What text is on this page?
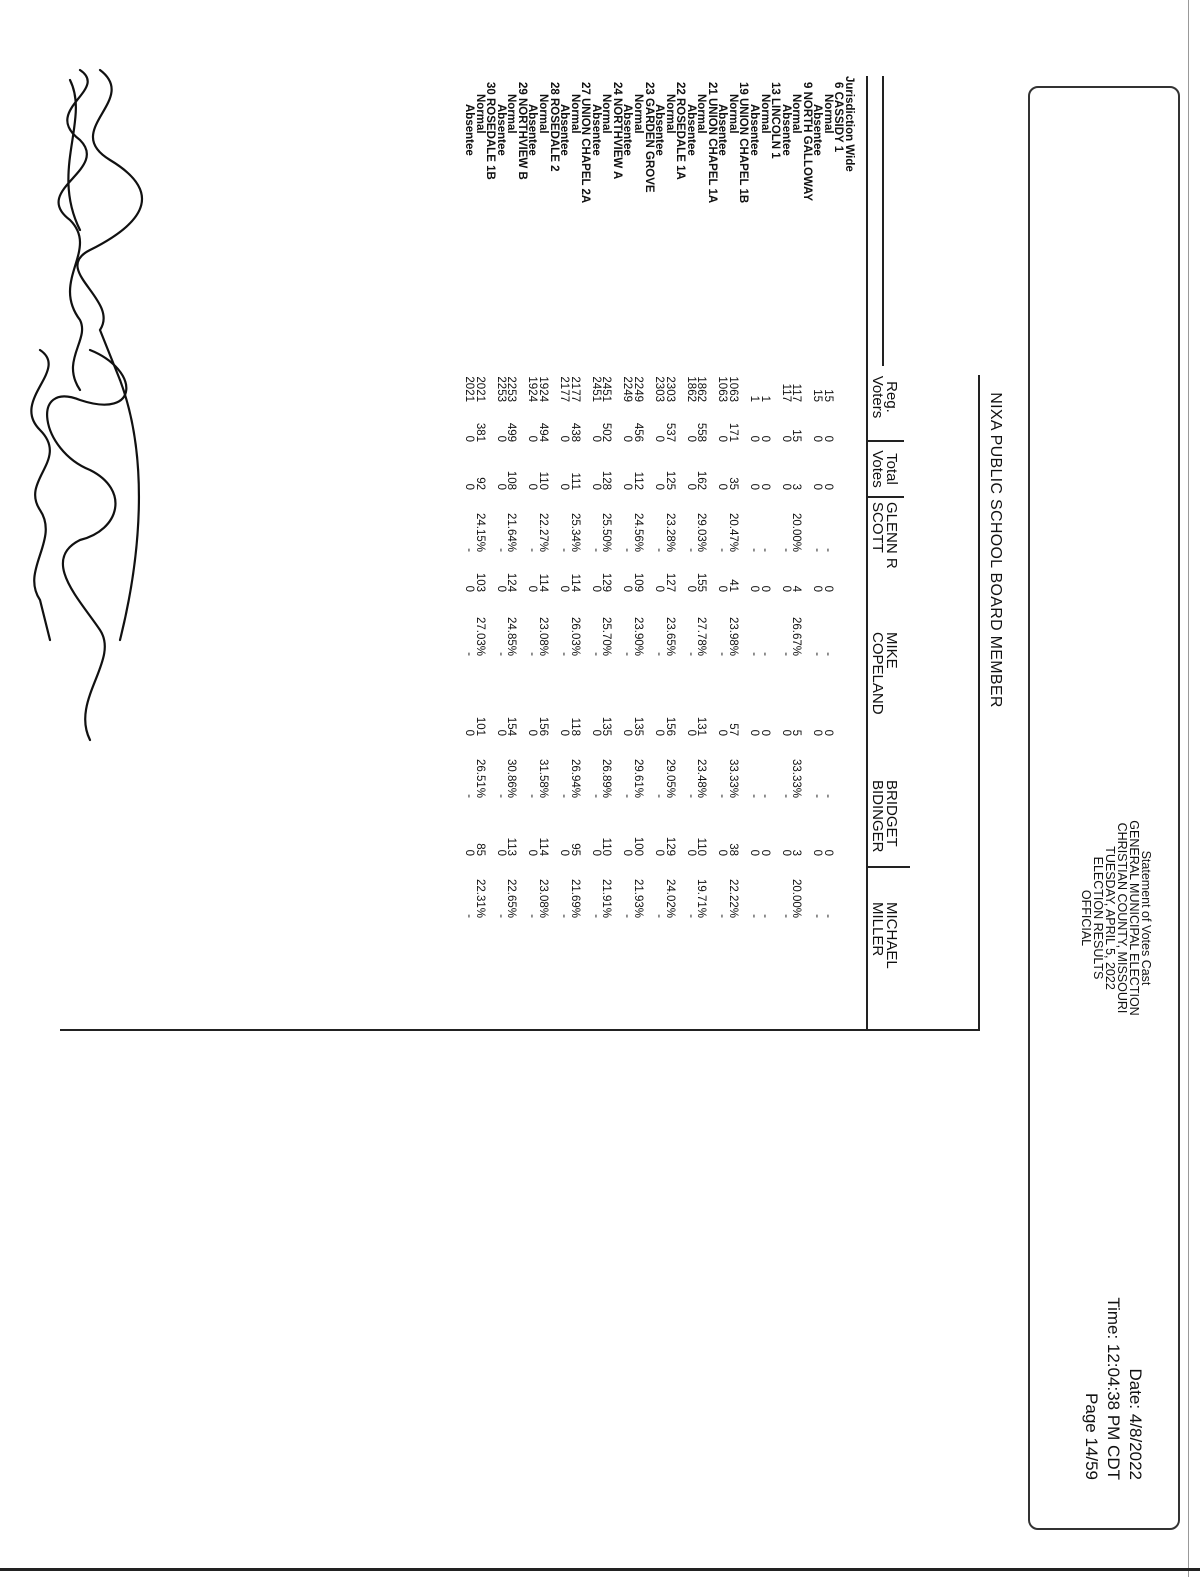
Statement of Votes Cast
GENERAL MUNICIPAL ELECTION
CHRISTIAN COUNTY, MISSOURI
TUESDAY, APRIL 5, 2022
ELECTION RESULTS
OFFICIAL
Date: 4/8/2022
Time: 12:04:38 PM CDT
Page 14/59
NIXA PUBLIC SCHOOL BOARD MEMBER
Reg.
Voters
Total
Votes
GLENN R
SCOTT
MIKE
COPELAND
BRIDGET
BIDINGER
MICHAEL
MILLER
Jurisdiction Wide
6 CASSIDY 1
Normal
15
0
0
-
0
-
0
-
0
-
Absentee
15
0
0
-
0
-
0
-
0
-
9 NORTH GALLOWAY
Normal
117
15
3
20.00%
4
26.67%
5
33.33%
3
20.00%
Absentee
117
0
0
-
0
-
0
-
0
-
13 LINCOLN 1
Normal
1
0
0
-
0
-
0
-
0
-
Absentee
1
0
0
-
0
-
0
-
0
-
19 UNION CHAPEL 1B
Normal
1063
171
35
20.47%
41
23.98%
57
33.33%
38
22.22%
Absentee
1063
0
0
-
0
-
0
-
0
-
21 UNION CHAPEL 1A
Normal
1862
558
162
29.03%
155
27.78%
131
23.48%
110
19.71%
Absentee
1862
0
0
-
0
-
0
-
0
-
22 ROSEDALE 1A
Normal
2303
537
125
23.28%
127
23.65%
156
29.05%
129
24.02%
Absentee
2303
0
0
-
0
-
0
-
0
-
23 GARDEN GROVE
Normal
2249
456
112
24.56%
109
23.90%
135
29.61%
100
21.93%
Absentee
2249
0
0
-
0
-
0
-
0
-
24 NORTHVIEW A
Normal
2451
502
128
25.50%
129
25.70%
135
26.89%
110
21.91%
Absentee
2451
0
0
-
0
-
0
-
0
-
27 UNION CHAPEL 2A
Normal
2177
438
111
25.34%
114
26.03%
118
26.94%
95
21.69%
Absentee
2177
0
0
-
0
-
0
-
0
-
28 ROSEDALE 2
Normal
1924
494
110
22.27%
114
23.08%
156
31.58%
114
23.08%
Absentee
1924
0
0
-
0
-
0
-
0
-
29 NORTHVIEW B
Normal
2253
499
108
21.64%
124
24.85%
154
30.86%
113
22.65%
Absentee
2253
0
0
-
0
-
0
-
0
-
30 ROSEDALE 1B
Normal
2021
381
92
24.15%
103
27.03%
101
26.51%
85
22.31%
Absentee
2021
0
0
-
0
-
0
-
0
-
